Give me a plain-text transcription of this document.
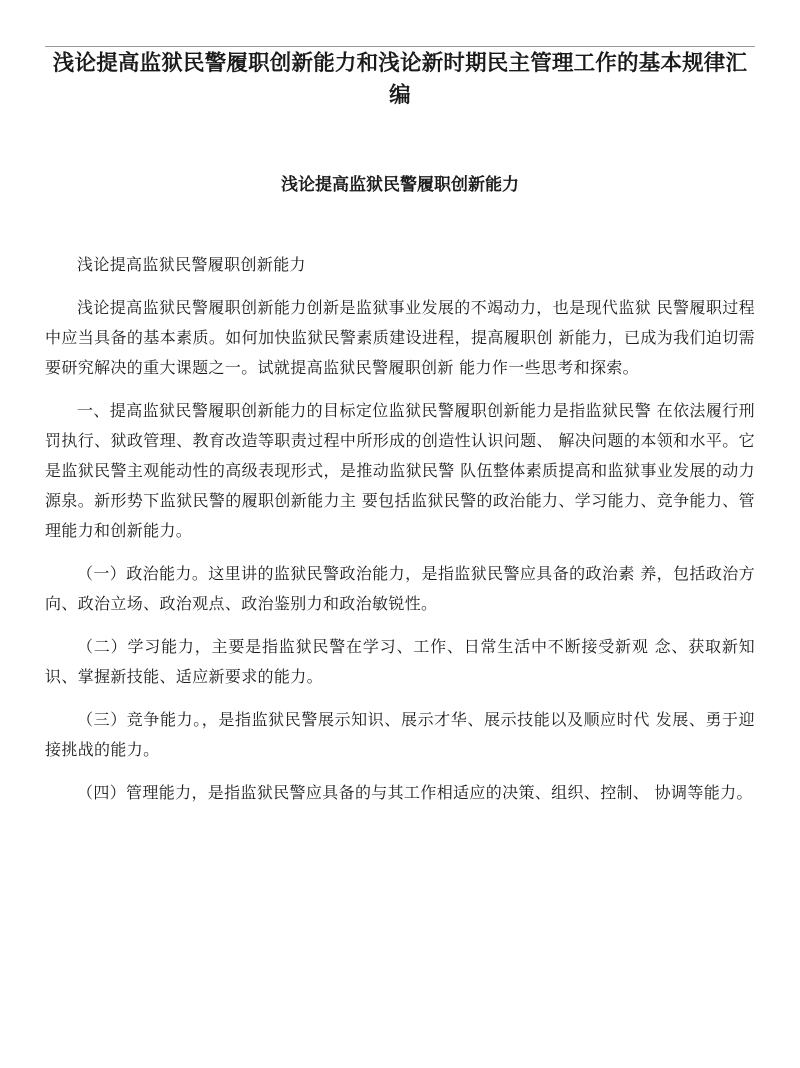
浅论提高监狱民警履职创新能力和浅论新时期民主管理工作的基本规律汇编
浅论提高监狱民警履职创新能力

浅论提高监狱民警履职创新能力

浅论提高监狱民警履职创新能力创新是监狱事业发展的不竭动力，也是现代监狱 民警履职过程中应当具备的基本素质。如何加快监狱民警素质建设进程，提高履职创 新能力，已成为我们迫切需要研究解决的重大课题之一。试就提高监狱民警履职创新 能力作一些思考和探索。

一、提高监狱民警履职创新能力的目标定位监狱民警履职创新能力是指监狱民警 在依法履行刑罚执行、狱政管理、教育改造等职责过程中所形成的创造性认识问题、 解决问题的本领和水平。它是监狱民警主观能动性的高级表现形式，是推动监狱民警 队伍整体素质提高和监狱事业发展的动力源泉。新形势下监狱民警的履职创新能力主 要包括监狱民警的政治能力、学习能力、竞争能力、管理能力和创新能力。

（一）政治能力。这里讲的监狱民警政治能力，是指监狱民警应具备的政治素 养，包括政治方向、政治立场、政治观点、政治鉴别力和政治敏锐性。

（二）学习能力，主要是指监狱民警在学习、工作、日常生活中不断接受新观 念、获取新知识、掌握新技能、适应新要求的能力。

（三）竞争能力。，是指监狱民警展示知识、展示才华、展示技能以及顺应时代 发展、勇于迎接挑战的能力。

（四）管理能力，是指监狱民警应具备的与其工作相适应的决策、组织、控制、 协调等能力。
